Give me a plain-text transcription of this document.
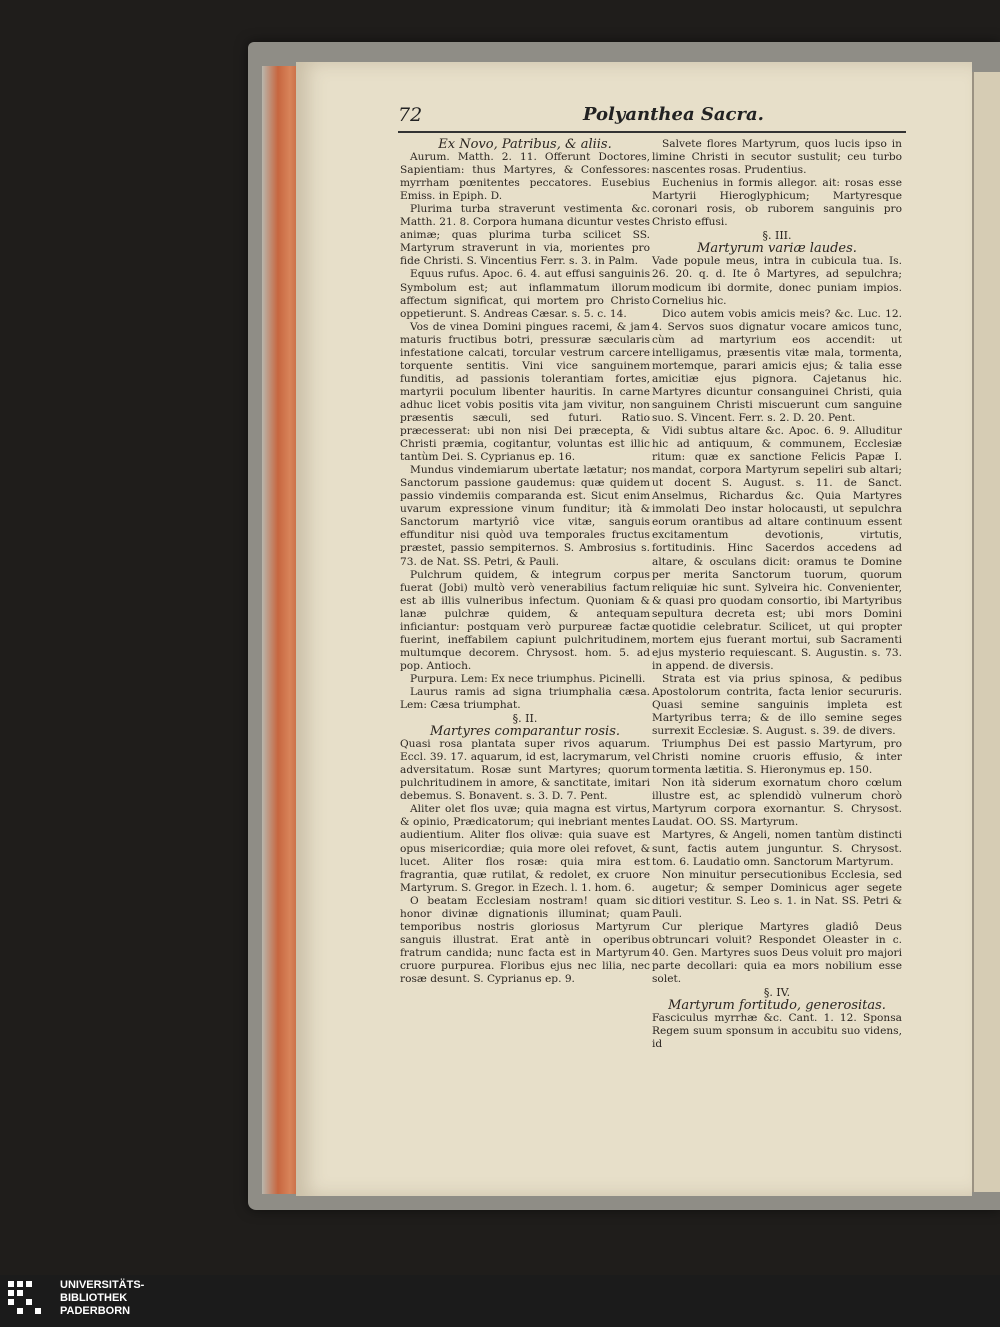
72	Polyanthea Sacra.

Ex Novo, Patribus, & aliis.

Aurum. Matth. 2. 11. Offerunt Doctores, Sapientiam: thus Martyres, & Confessores: myrrham pœnitentes peccatores. Eusebius Emiss. in Epiph. D.

Plurima turba straverunt vestimenta &c. Matth. 21. 8. Corpora humana dicuntur vestes animæ; quas plurima turba scilicet SS. Martyrum straverunt in via, morientes pro fide Christi. S. Vincentius Ferr. s. 3. in Palm.

Equus rufus. Apoc. 6. 4. aut effusi sanguinis Symbolum est; aut inflammatum illorum affectum significat, qui mortem pro Christo oppetierunt. S. Andreas Cæsar. s. 5. c. 14.

Vos de vinea Domini pingues racemi, & jam maturis fructibus botri, pressuræ sæcularis infestatione calcati, torcular vestrum carcere torquente sentitis. Vini vice sanguinem funditis, ad passionis tolerantiam fortes, martyrii poculum libenter hauritis. In carne adhuc licet vobis positis vita jam vivitur, non præsentis sæculi, sed futuri. Ratio præcesserat: ubi non nisi Dei præcepta, & Christi præmia, cogitantur, voluntas est illic tantùm Dei. S. Cyprianus ep. 16.

Mundus vindemiarum ubertate lætatur; nos Sanctorum passione gaudemus: quæ quidem passio vindemiis comparanda est. Sicut enim uvarum expressione vinum funditur; ità & Sanctorum martyriô vice vitæ, sanguis effunditur nisi quòd uva temporales fructus præstet, passio sempiternos. S. Ambrosius s. 73. de Nat. SS. Petri, & Pauli.

Pulchrum quidem, & integrum corpus fuerat (Jobi) multò verò venerabilius factum est ab illis vulneribus infectum. Quoniam & lanæ pulchræ quidem, & antequam inficiantur: postquam verò purpureæ factæ fuerint, ineffabilem capiunt pulchritudinem, multumque decorem. Chrysost. hom. 5. ad pop. Antioch.

Purpura. Lem: Ex nece triumphus. Picinelli.

Laurus ramis ad signa triumphalia cæsa. Lem: Cæsa triumphat.

§. II.

Martyres comparantur rosis.

Quasi rosa plantata super rivos aquarum. Eccl. 39. 17. aquarum, id est, lacrymarum, vel adversitatum. Rosæ sunt Martyres; quorum pulchritudinem in amore, & sanctitate, imitari debemus. S. Bonavent. s. 3. D. 7. Pent.

Aliter olet flos uvæ; quia magna est virtus, & opinio, Prædicatorum; qui inebriant mentes audientium. Aliter flos olivæ: quia suave est opus misericordiæ; quia more olei refovet, & lucet. Aliter flos rosæ: quia mira est fragrantia, quæ rutilat, & redolet, ex cruore Martyrum. S. Gregor. in Ezech. l. 1. hom. 6.

O beatam Ecclesiam nostram! quam sic honor divinæ dignationis illuminat; quam temporibus nostris gloriosus Martyrum sanguis illustrat. Erat antè in operibus fratrum candida; nunc facta est in Martyrum cruore purpurea. Floribus ejus nec lilia, nec rosæ desunt. S. Cyprianus ep. 9.

Salvete flores Martyrum, quos lucis ipso in limine Christi in secutor sustulit; ceu turbo nascentes rosas. Prudentius.

Euchenius in formis allegor. ait: rosas esse Martyrii Hieroglyphicum; Martyresque coronari rosis, ob ruborem sanguinis pro Christo effusi.

§. III.

Martyrum variæ laudes.

Vade popule meus, intra in cubicula tua. Is. 26. 20. q. d. Ite ô Martyres, ad sepulchra; modicum ibi dormite, donec puniam impios. Cornelius hic.

Dico autem vobis amicis meis? &c. Luc. 12. 4. Servos suos dignatur vocare amicos tunc, cùm ad martyrium eos accendit: ut intelligamus, præsentis vitæ mala, tormenta, mortemque, parari amicis ejus; & talia esse amicitiæ ejus pignora. Cajetanus hic. Martyres dicuntur consanguinei Christi, quia sanguinem Christi miscuerunt cum sanguine suo. S. Vincent. Ferr. s. 2. D. 20. Pent.

Vidi subtus altare &c. Apoc. 6. 9. Alluditur hic ad antiquum, & communem, Ecclesiæ ritum: quæ ex sanctione Felicis Papæ I. mandat, corpora Martyrum sepeliri sub altari; ut docent S. August. s. 11. de Sanct. Anselmus, Richardus &c. Quia Martyres immolati Deo instar holocausti, ut sepulchra eorum orantibus ad altare continuum essent excitamentum devotionis, virtutis, fortitudinis. Hinc Sacerdos accedens ad altare, & osculans dicit: oramus te Domine per merita Sanctorum tuorum, quorum reliquiæ hic sunt. Sylveira hic. Convenienter, & quasi pro quodam consortio, ibi Martyribus sepultura decreta est; ubi mors Domini quotidie celebratur. Scilicet, ut qui propter mortem ejus fuerant mortui, sub Sacramenti ejus mysterio requiescant. S. Augustin. s. 73. in append. de diversis.

Strata est via prius spinosa, & pedibus Apostolorum contrita, facta lenior secururis. Quasi semine sanguinis impleta est Martyribus terra; & de illo semine seges surrexit Ecclesiæ. S. August. s. 39. de divers.

Triumphus Dei est passio Martyrum, pro Christi nomine cruoris effusio, & inter tormenta lætitia. S. Hieronymus ep. 150.

Non ità siderum exornatum choro cœlum illustre est, ac splendidò vulnerum chorò Martyrum corpora exornantur. S. Chrysost. Laudat. OO. SS. Martyrum.

Martyres, & Angeli, nomen tantùm distincti sunt, factis autem junguntur. S. Chrysost. tom. 6. Laudatio omn. Sanctorum Martyrum.

Non minuitur persecutionibus Ecclesia, sed augetur; & semper Dominicus ager segete ditiori vestitur. S. Leo s. 1. in Nat. SS. Petri & Pauli.

Cur plerique Martyres gladiô Deus obtruncari voluit? Respondet Oleaster in c. 40. Gen. Martyres suos Deus voluit pro majori parte decollari: quia ea mors nobilium esse solet.

§. IV.

Martyrum fortitudo, generositas.

Fasciculus myrrhæ &c. Cant. 1. 12. Sponsa Regem suum sponsum in accubitu suo videns, id

UNIVERSITÄTS-
BIBLIOTHEK
PADERBORN
